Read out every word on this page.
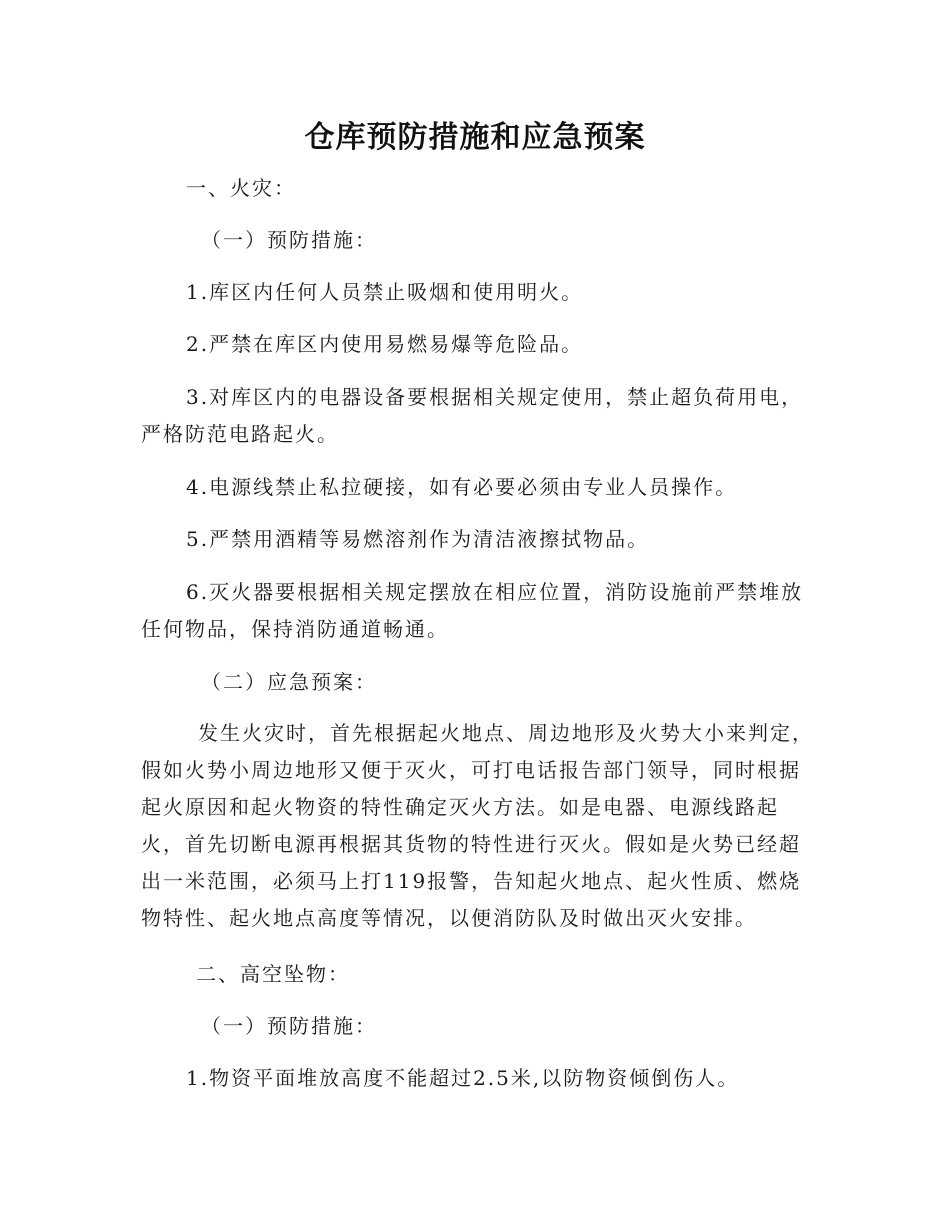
仓库预防措施和应急预案

一、火灾：

（一）预防措施：

1.库区内任何人员禁止吸烟和使用明火。

2.严禁在库区内使用易燃易爆等危险品。

3.对库区内的电器设备要根据相关规定使用，禁止超负荷用电，

严格防范电路起火。

4.电源线禁止私拉硬接，如有必要必须由专业人员操作。

5.严禁用酒精等易燃溶剂作为清洁液擦拭物品。

6.灭火器要根据相关规定摆放在相应位置，消防设施前严禁堆放

任何物品，保持消防通道畅通。

（二）应急预案：

发生火灾时，首先根据起火地点、周边地形及火势大小来判定，

假如火势小周边地形又便于灭火，可打电话报告部门领导，同时根据

起火原因和起火物资的特性确定灭火方法。如是电器、电源线路起

火，首先切断电源再根据其货物的特性进行灭火。假如是火势已经超

出一米范围，必须马上打119报警，告知起火地点、起火性质、燃烧

物特性、起火地点高度等情况，以便消防队及时做出灭火安排。

二、高空坠物：

（一）预防措施：

1.物资平面堆放高度不能超过2.5米,以防物资倾倒伤人。
